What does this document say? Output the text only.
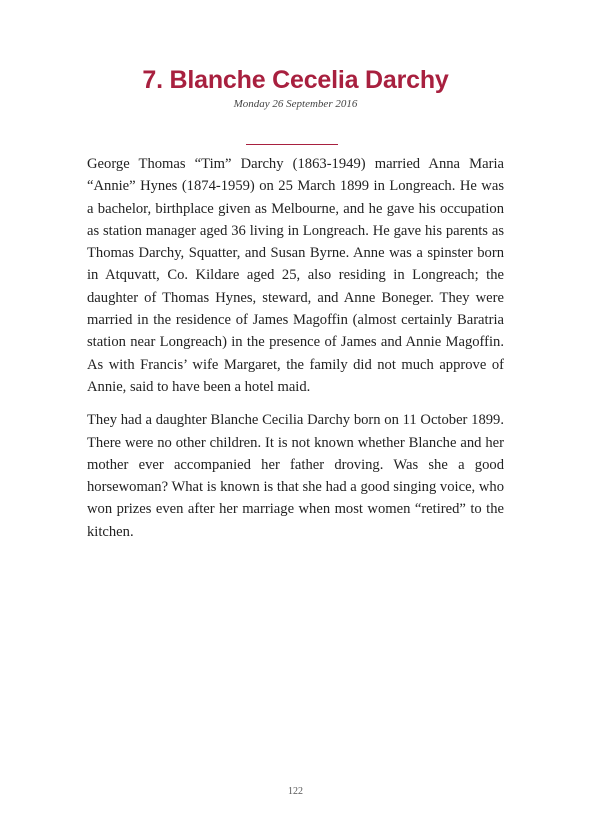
7. Blanche Cecelia Darchy
Monday 26 September 2016

George Thomas “Tim” Darchy (1863-1949) married Anna Maria “Annie” Hynes (1874-1959) on 25 March 1899 in Longreach. He was a bachelor, birthplace given as Melbourne, and he gave his occupation as station manager aged 36 living in Longreach. He gave his parents as Thomas Darchy, Squatter, and Susan Byrne. Anne was a spinster born in Atquvatt, Co. Kildare aged 25, also residing in Longreach; the daughter of Thomas Hynes, steward, and Anne Boneger. They were married in the residence of James Magoffin (almost certainly Baratria station near Longreach) in the presence of James and Annie Magoffin. As with Francis’ wife Margaret, the family did not much approve of Annie, said to have been a hotel maid.

They had a daughter Blanche Cecilia Darchy born on 11 October 1899. There were no other children. It is not known whether Blanche and her mother ever accompanied her father droving. Was she a good horsewoman? What is known is that she had a good singing voice, who won prizes even after her marriage when most women “retired” to the kitchen.

122
